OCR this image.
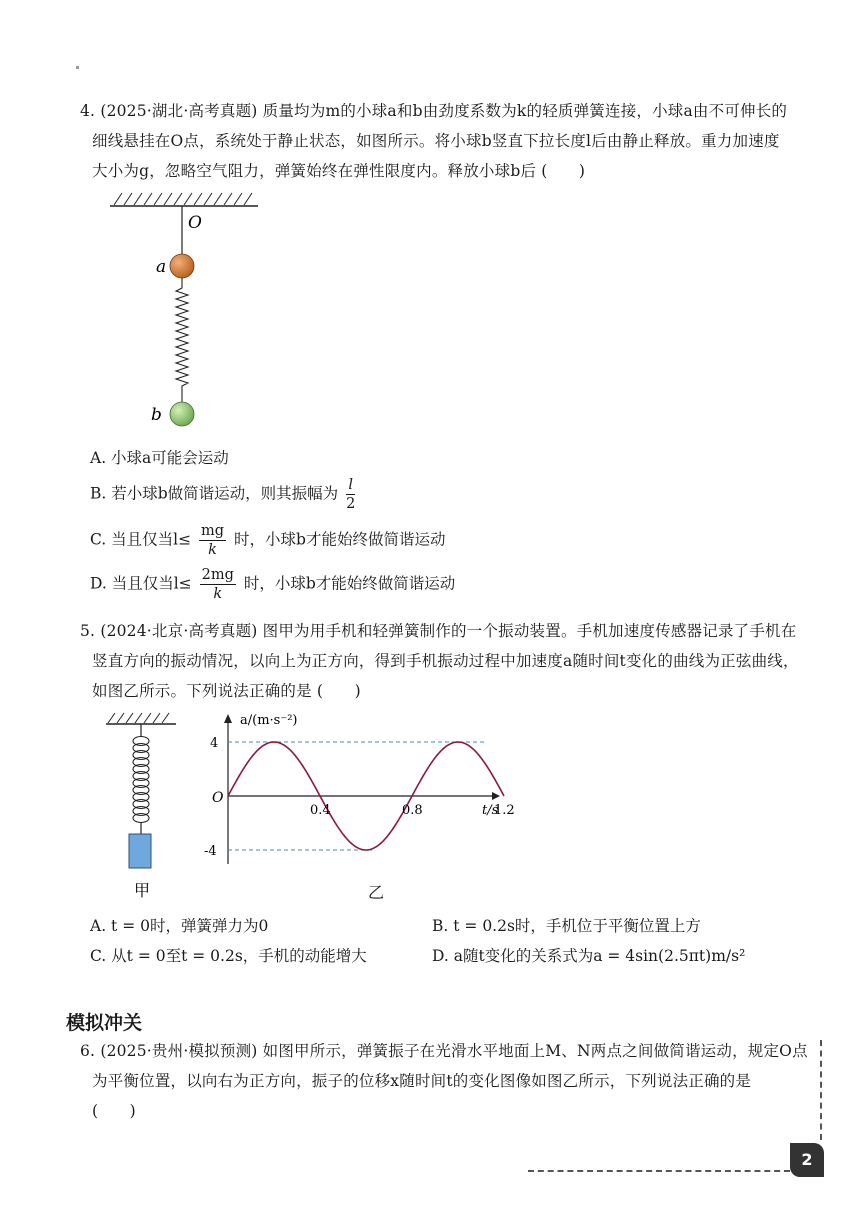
4. (2025·湖北·高考真题) 质量均为m的小球a和b由劲度系数为k的轻质弹簧连接，小球a由不可伸长的
细线悬挂在O点，系统处于静止状态，如图所示。将小球b竖直下拉长度l后由静止释放。重力加速度
大小为g，忽略空气阻力，弹簧始终在弹性限度内。释放小球b后 (　　)
O
a
b
A. 小球a可能会运动
B. 若小球b做简谐运动，则其振幅为 $\frac{l}{2}$
C. 当且仅当$l\le \frac{mg}{k}$ 时，小球b才能始终做简谐运动
D. 当且仅当$l\le \frac{2mg}{k}$ 时，小球b才能始终做简谐运动
5. (2024·北京·高考真题) 图甲为用手机和轻弹簧制作的一个振动装置。手机加速度传感器记录了手机在
竖直方向的振动情况，以向上为正方向，得到手机振动过程中加速度a随时间t变化的曲线为正弦曲线，
如图乙所示。下列说法正确的是 (　　)
甲
0.4	0.8	1.2
4
-4
O
a/(m·s⁻²)
t/s
乙
A. t = 0时，弹簧弹力为0	B. t = 0.2s时，手机位于平衡位置上方
C. 从t = 0至t = 0.2s，手机的动能增大	D. a随t变化的关系式为a = 4sin(2.5πt)m/s²
模拟冲关
6. (2025·贵州·模拟预测) 如图甲所示，弹簧振子在光滑水平地面上M、N两点之间做简谐运动，规定O点
为平衡位置，以向右为正方向，振子的位移x随时间t的变化图像如图乙所示，下列说法正确的是
(　　)
2
